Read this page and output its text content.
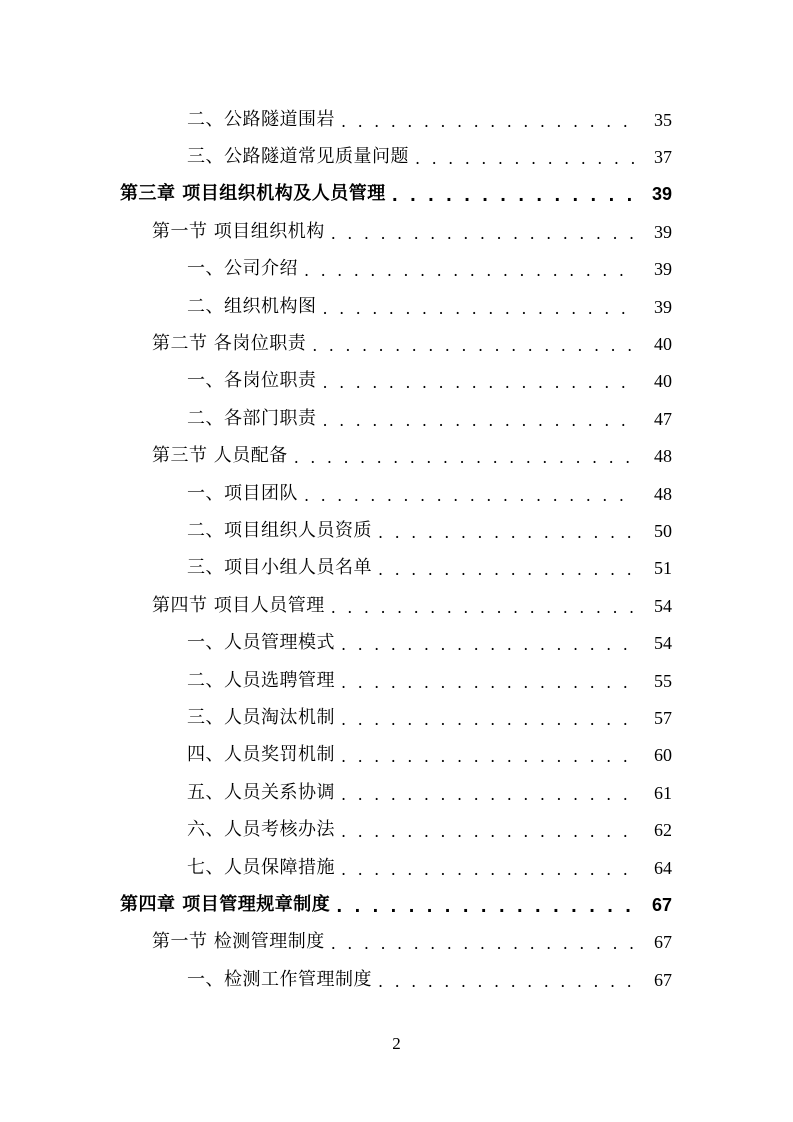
二、公路隧道围岩 . . .	35
三、公路隧道常见质量问题 . . .	37
第三章 项目组织机构及人员管理 . . .	39
第一节 项目组织机构 . . .	39
一、公司介绍 . . .	39
二、组织机构图 . . .	39
第二节 各岗位职责 . . .	40
一、各岗位职责 . . .	40
二、各部门职责 . . .	47
第三节 人员配备 . . .	48
一、项目团队 . . .	48
二、项目组织人员资质 . . .	50
三、项目小组人员名单 . . .	51
第四节 项目人员管理 . . .	54
一、人员管理模式 . . .	54
二、人员选聘管理 . . .	55
三、人员淘汰机制 . . .	57
四、人员奖罚机制 . . .	60
五、人员关系协调 . . .	61
六、人员考核办法 . . .	62
七、人员保障措施 . . .	64
第四章 项目管理规章制度 . . .	67
第一节 检测管理制度 . . .	67
一、检测工作管理制度 . . .	67
2
